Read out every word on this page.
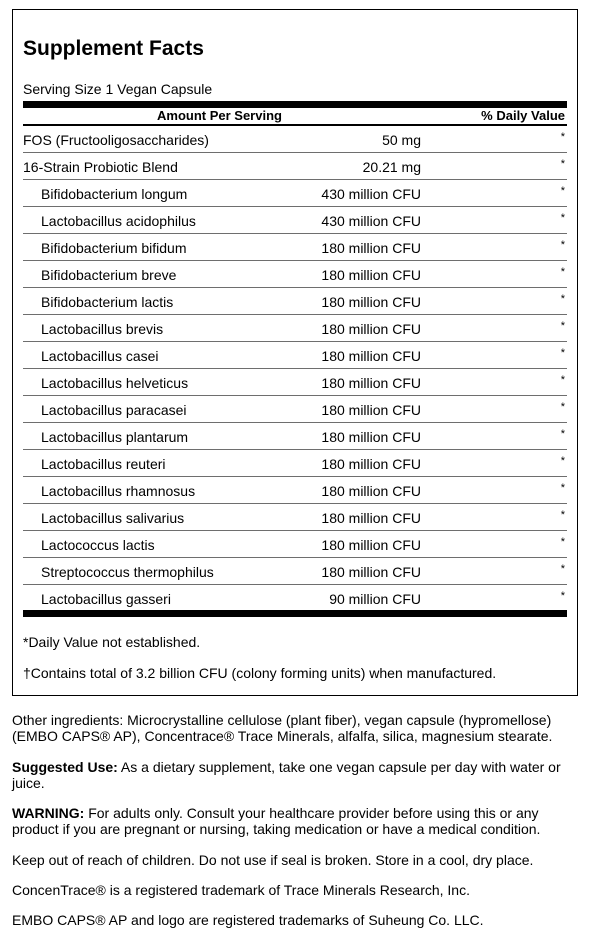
Supplement Facts
Serving Size 1 Vegan Capsule
Amount Per Serving	% Daily Value
FOS (Fructooligosaccharides)	50 mg	*
16-Strain Probiotic Blend	20.21 mg	*
Bifidobacterium longum	430 million CFU	*
Lactobacillus acidophilus	430 million CFU	*
Bifidobacterium bifidum	180 million CFU	*
Bifidobacterium breve	180 million CFU	*
Bifidobacterium lactis	180 million CFU	*
Lactobacillus brevis	180 million CFU	*
Lactobacillus casei	180 million CFU	*
Lactobacillus helveticus	180 million CFU	*
Lactobacillus paracasei	180 million CFU	*
Lactobacillus plantarum	180 million CFU	*
Lactobacillus reuteri	180 million CFU	*
Lactobacillus rhamnosus	180 million CFU	*
Lactobacillus salivarius	180 million CFU	*
Lactococcus lactis	180 million CFU	*
Streptococcus thermophilus	180 million CFU	*
Lactobacillus gasseri	90 million CFU	*
*Daily Value not established.
†Contains total of 3.2 billion CFU (colony forming units) when manufactured.

Other ingredients: Microcrystalline cellulose (plant fiber), vegan capsule (hypromellose) (EMBO CAPS® AP), Concentrace® Trace Minerals, alfalfa, silica, magnesium stearate.

Suggested Use: As a dietary supplement, take one vegan capsule per day with water or juice.

WARNING: For adults only. Consult your healthcare provider before using this or any product if you are pregnant or nursing, taking medication or have a medical condition.

Keep out of reach of children. Do not use if seal is broken. Store in a cool, dry place.

ConcenTrace® is a registered trademark of Trace Minerals Research, Inc.

EMBO CAPS® AP and logo are registered trademarks of Suheung Co. LLC.
